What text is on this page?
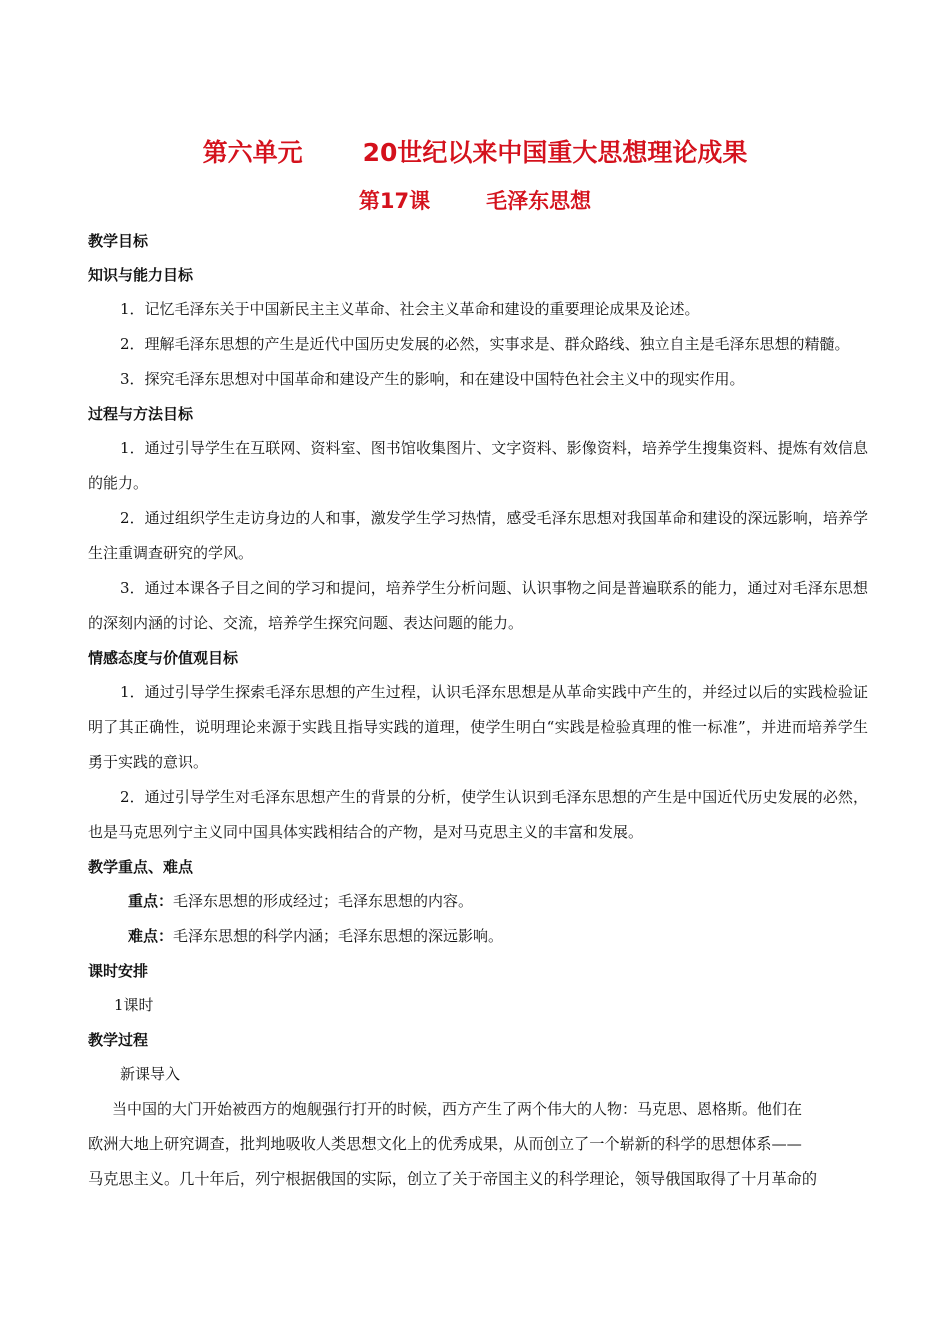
第六单元 20世纪以来中国重大思想理论成果
第17课	毛泽东思想

教学目标

知识与能力目标

1．记忆毛泽东关于中国新民主主义革命、社会主义革命和建设的重要理论成果及论述。

2．理解毛泽东思想的产生是近代中国历史发展的必然，实事求是、群众路线、独立自主是毛泽东思想的精髓。

3．探究毛泽东思想对中国革命和建设产生的影响，和在建设中国特色社会主义中的现实作用。

过程与方法目标

1．通过引导学生在互联网、资料室、图书馆收集图片、文字资料、影像资料，培养学生搜集资料、提炼有效信息的能力。

2．通过组织学生走访身边的人和事，激发学生学习热情，感受毛泽东思想对我国革命和建设的深远影响，培养学生注重调查研究的学风。

3．通过本课各子目之间的学习和提问，培养学生分析问题、认识事物之间是普遍联系的能力，通过对毛泽东思想的深刻内涵的讨论、交流，培养学生探究问题、表达问题的能力。

情感态度与价值观目标

1．通过引导学生探索毛泽东思想的产生过程，认识毛泽东思想是从革命实践中产生的，并经过以后的实践检验证明了其正确性，说明理论来源于实践且指导实践的道理，使学生明白“实践是检验真理的惟一标准”，并进而培养学生勇于实践的意识。

2．通过引导学生对毛泽东思想产生的背景的分析，使学生认识到毛泽东思想的产生是中国近代历史发展的必然，也是马克思列宁主义同中国具体实践相结合的产物，是对马克思主义的丰富和发展。

教学重点、难点

重点：毛泽东思想的形成经过；毛泽东思想的内容。

难点：毛泽东思想的科学内涵；毛泽东思想的深远影响。

课时安排

1课时

教学过程

新课导入

当中国的大门开始被西方的炮舰强行打开的时候，西方产生了两个伟大的人物：马克思、恩格斯。他们在
欧洲大地上研究调查，批判地吸收人类思想文化上的优秀成果，从而创立了一个崭新的科学的思想体系——
马克思主义。几十年后，列宁根据俄国的实际，创立了关于帝国主义的科学理论，领导俄国取得了十月革命的
